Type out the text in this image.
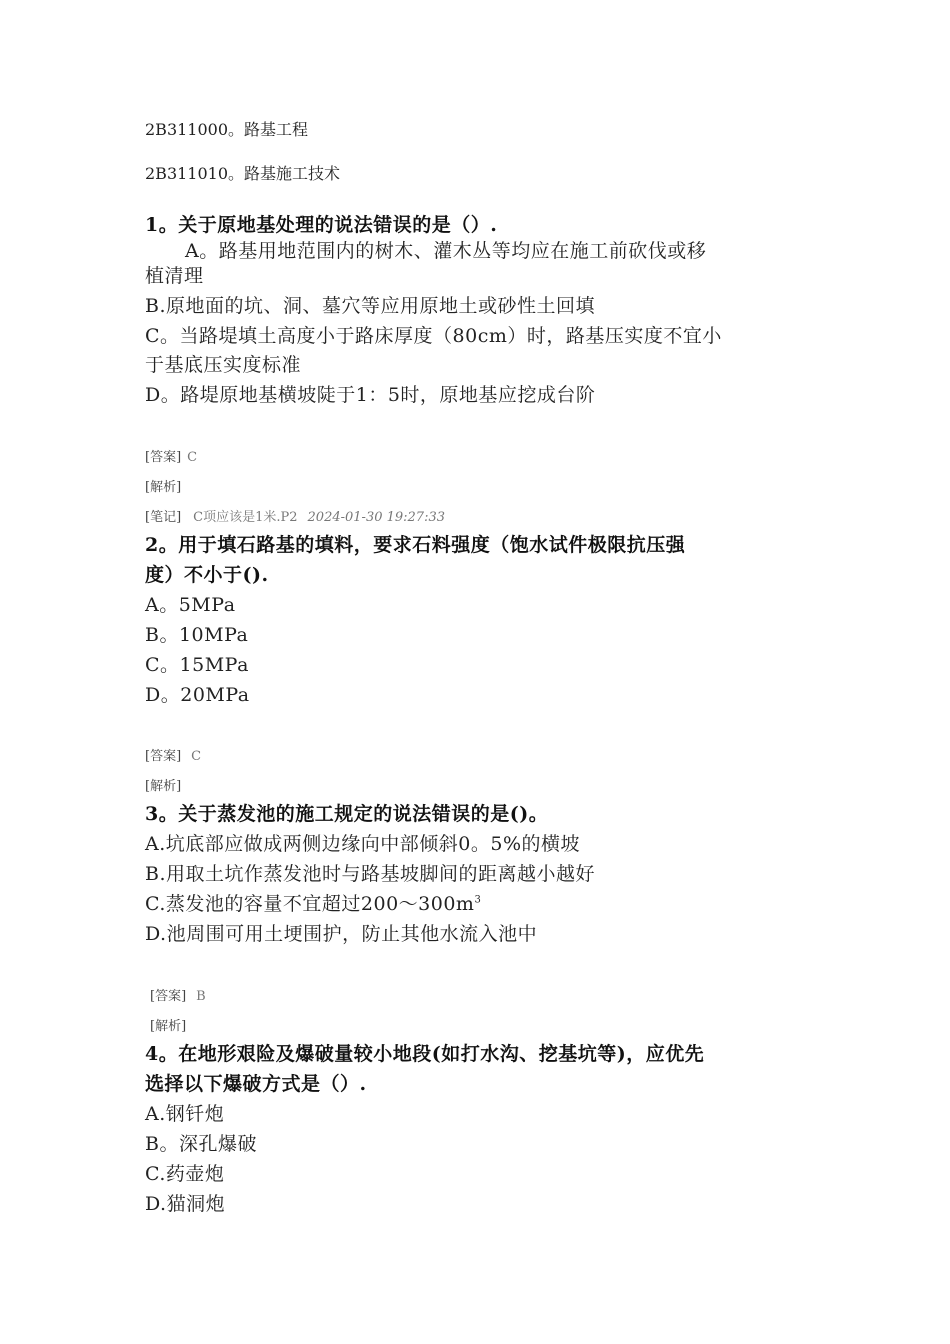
2B311000。路基工程
2B311010。路基施工技术
1。关于原地基处理的说法错误的是（）.
A。路基用地范围内的树木、灌木丛等均应在施工前砍伐或移
植清理
B.原地面的坑、洞、墓穴等应用原地土或砂性土回填
C。当路堤填土高度小于路床厚度（80cm）时，路基压实度不宜小
于基底压实度标准
D。路堤原地基横坡陡于1：5时，原地基应挖成台阶
[答案] C
[解析]
[笔记] C项应该是1米.P2 2024-01-30 19:27:33
2。用于填石路基的填料，要求石料强度（饱水试件极限抗压强
度）不小于().
A。5MPa
B。10MPa
C。15MPa
D。20MPa
[答案] C
[解析]
3。关于蒸发池的施工规定的说法错误的是()。
A.坑底部应做成两侧边缘向中部倾斜0。5%的横坡
B.用取土坑作蒸发池时与路基坡脚间的距离越小越好
C.蒸发池的容量不宜超过$200\sim 300m^3$
D.池周围可用土埂围护，防止其他水流入池中
[答案] B
[解析]
4。在地形艰险及爆破量较小地段(如打水沟、挖基坑等)，应优先
选择以下爆破方式是（）.
A.钢钎炮
B。深孔爆破
C.药壶炮
D.猫洞炮
